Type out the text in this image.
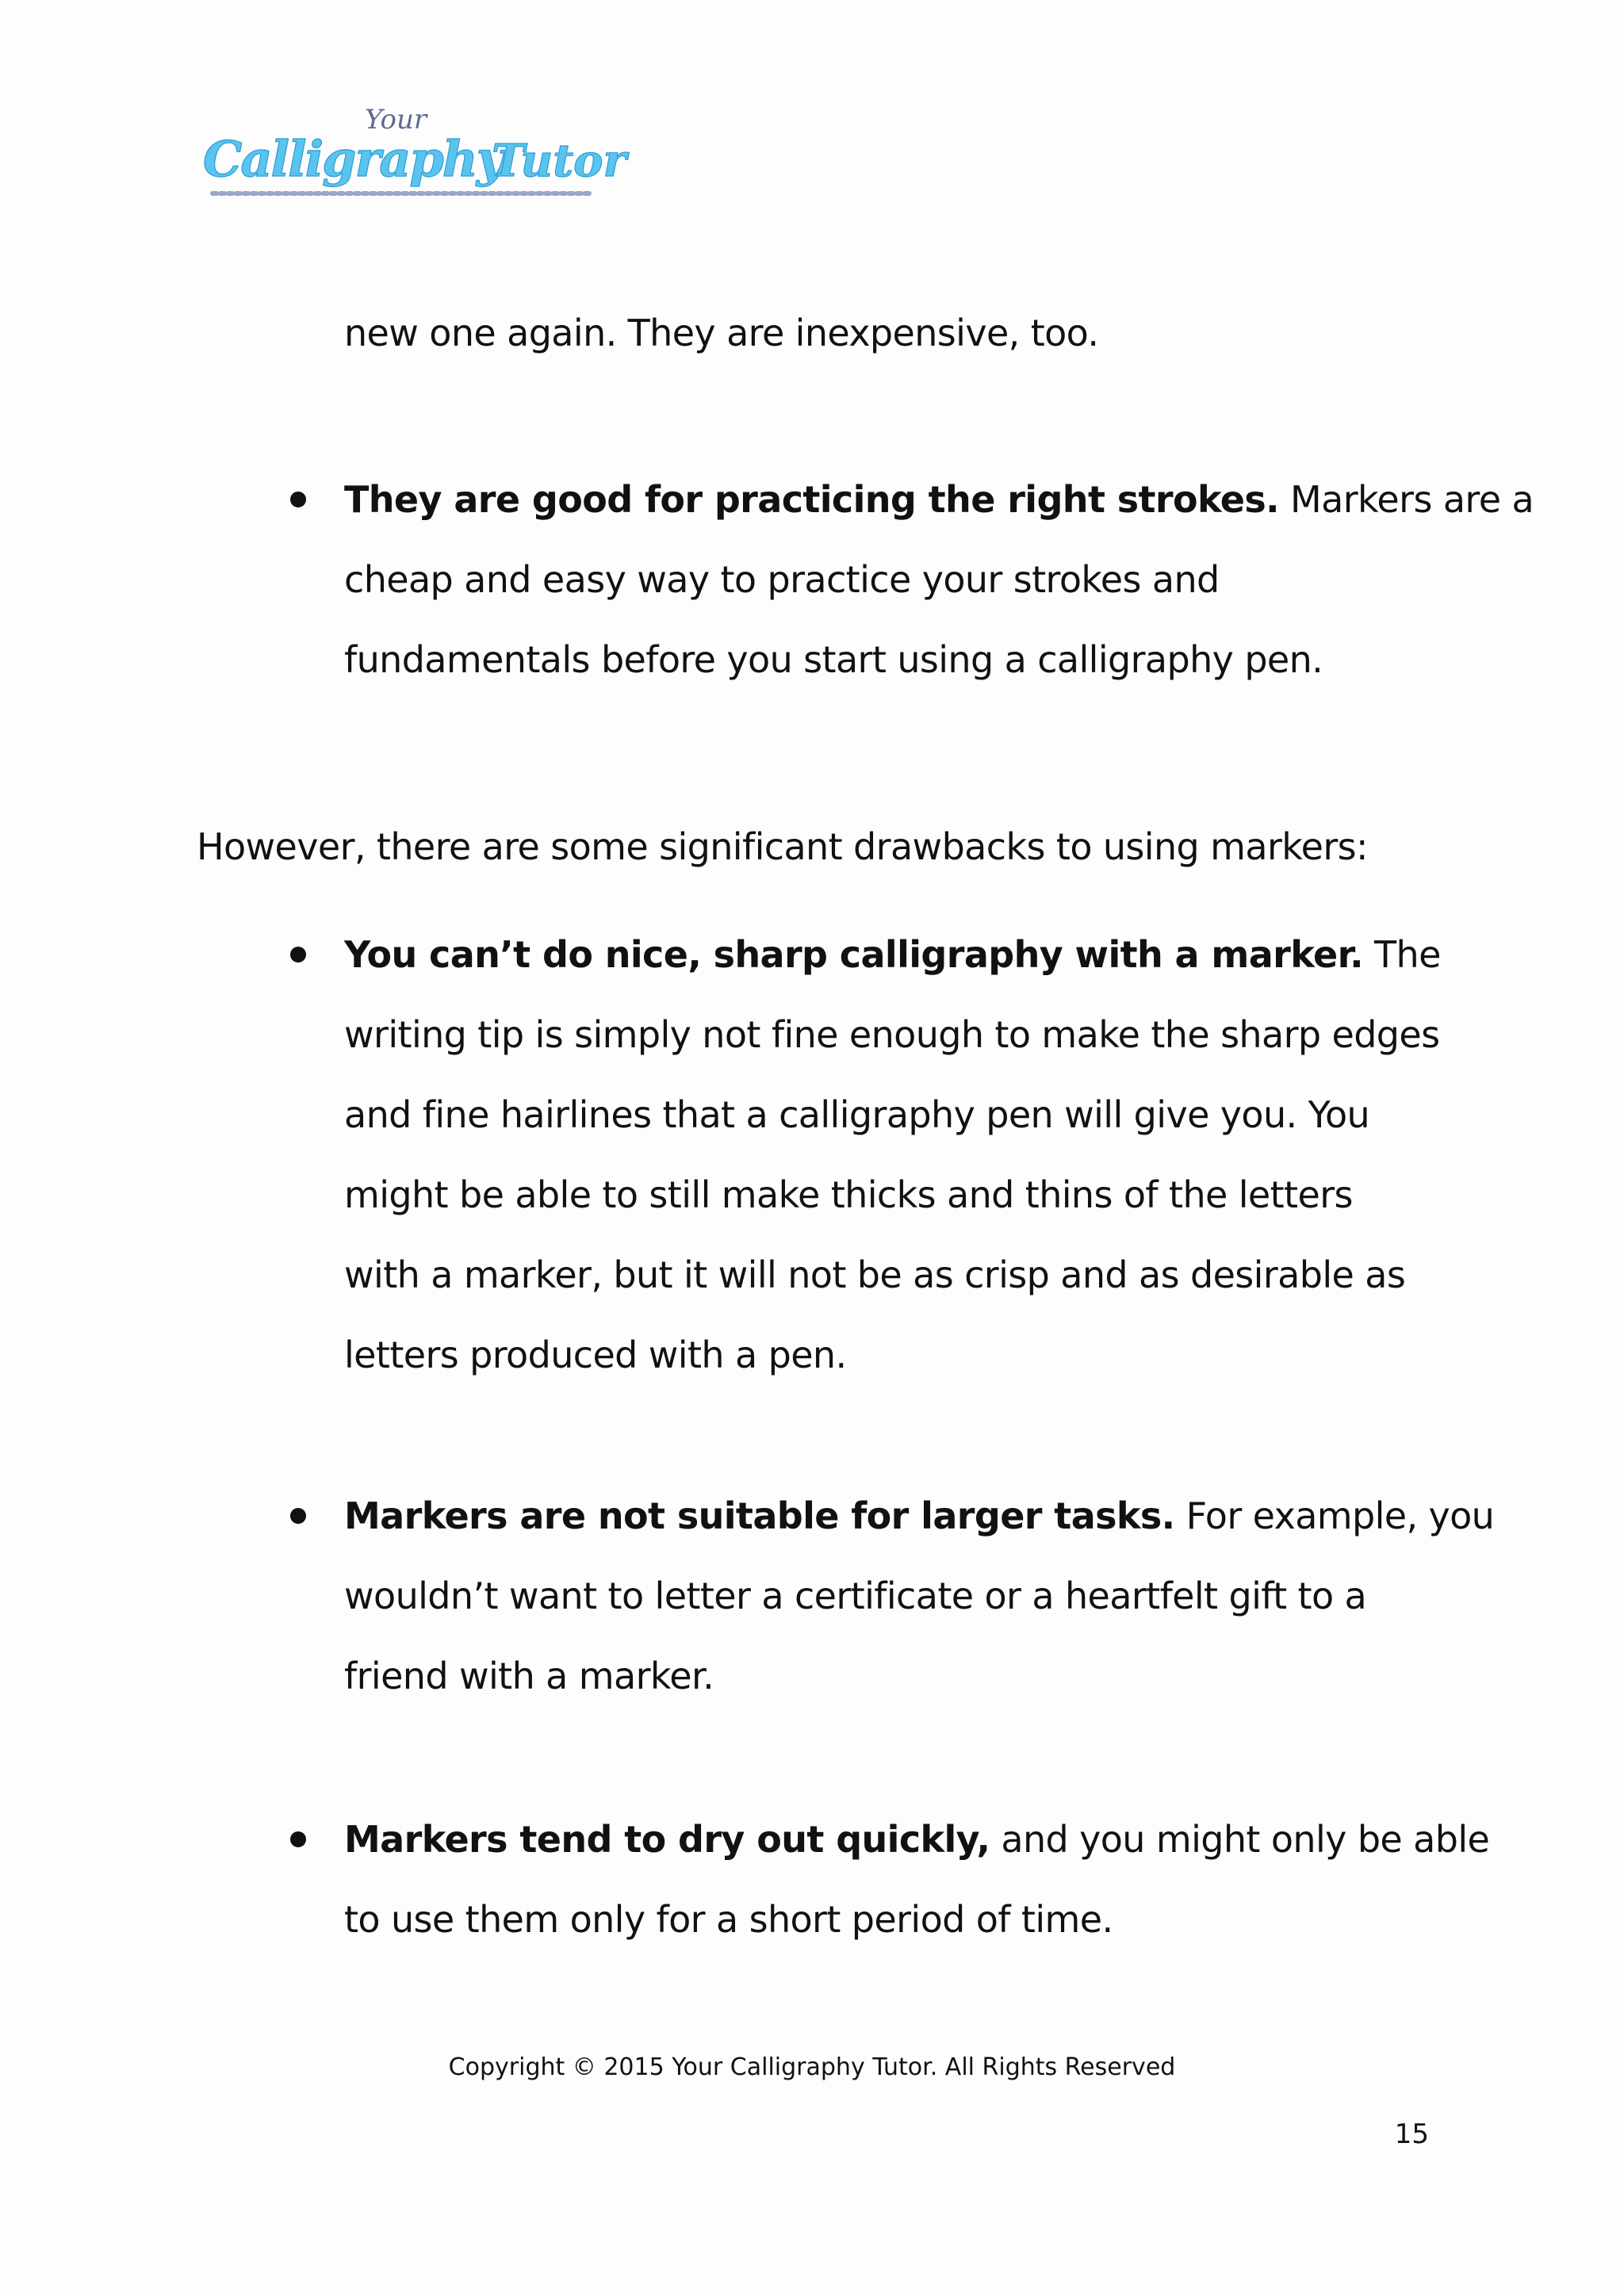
Your
Calligraphy
Tutor

new one again. They are inexpensive, too.

They are good for practicing the right strokes. Markers are a
cheap and easy way to practice your strokes and
fundamentals before you start using a calligraphy pen.

However, there are some significant drawbacks to using markers:

You can’t do nice, sharp calligraphy with a marker. The
writing tip is simply not fine enough to make the sharp edges
and fine hairlines that a calligraphy pen will give you. You
might be able to still make thicks and thins of the letters
with a marker, but it will not be as crisp and as desirable as
letters produced with a pen.

Markers are not suitable for larger tasks. For example, you
wouldn’t want to letter a certificate or a heartfelt gift to a
friend with a marker.

Markers tend to dry out quickly, and you might only be able
to use them only for a short period of time.

Copyright © 2015 Your Calligraphy Tutor. All Rights Reserved
15
